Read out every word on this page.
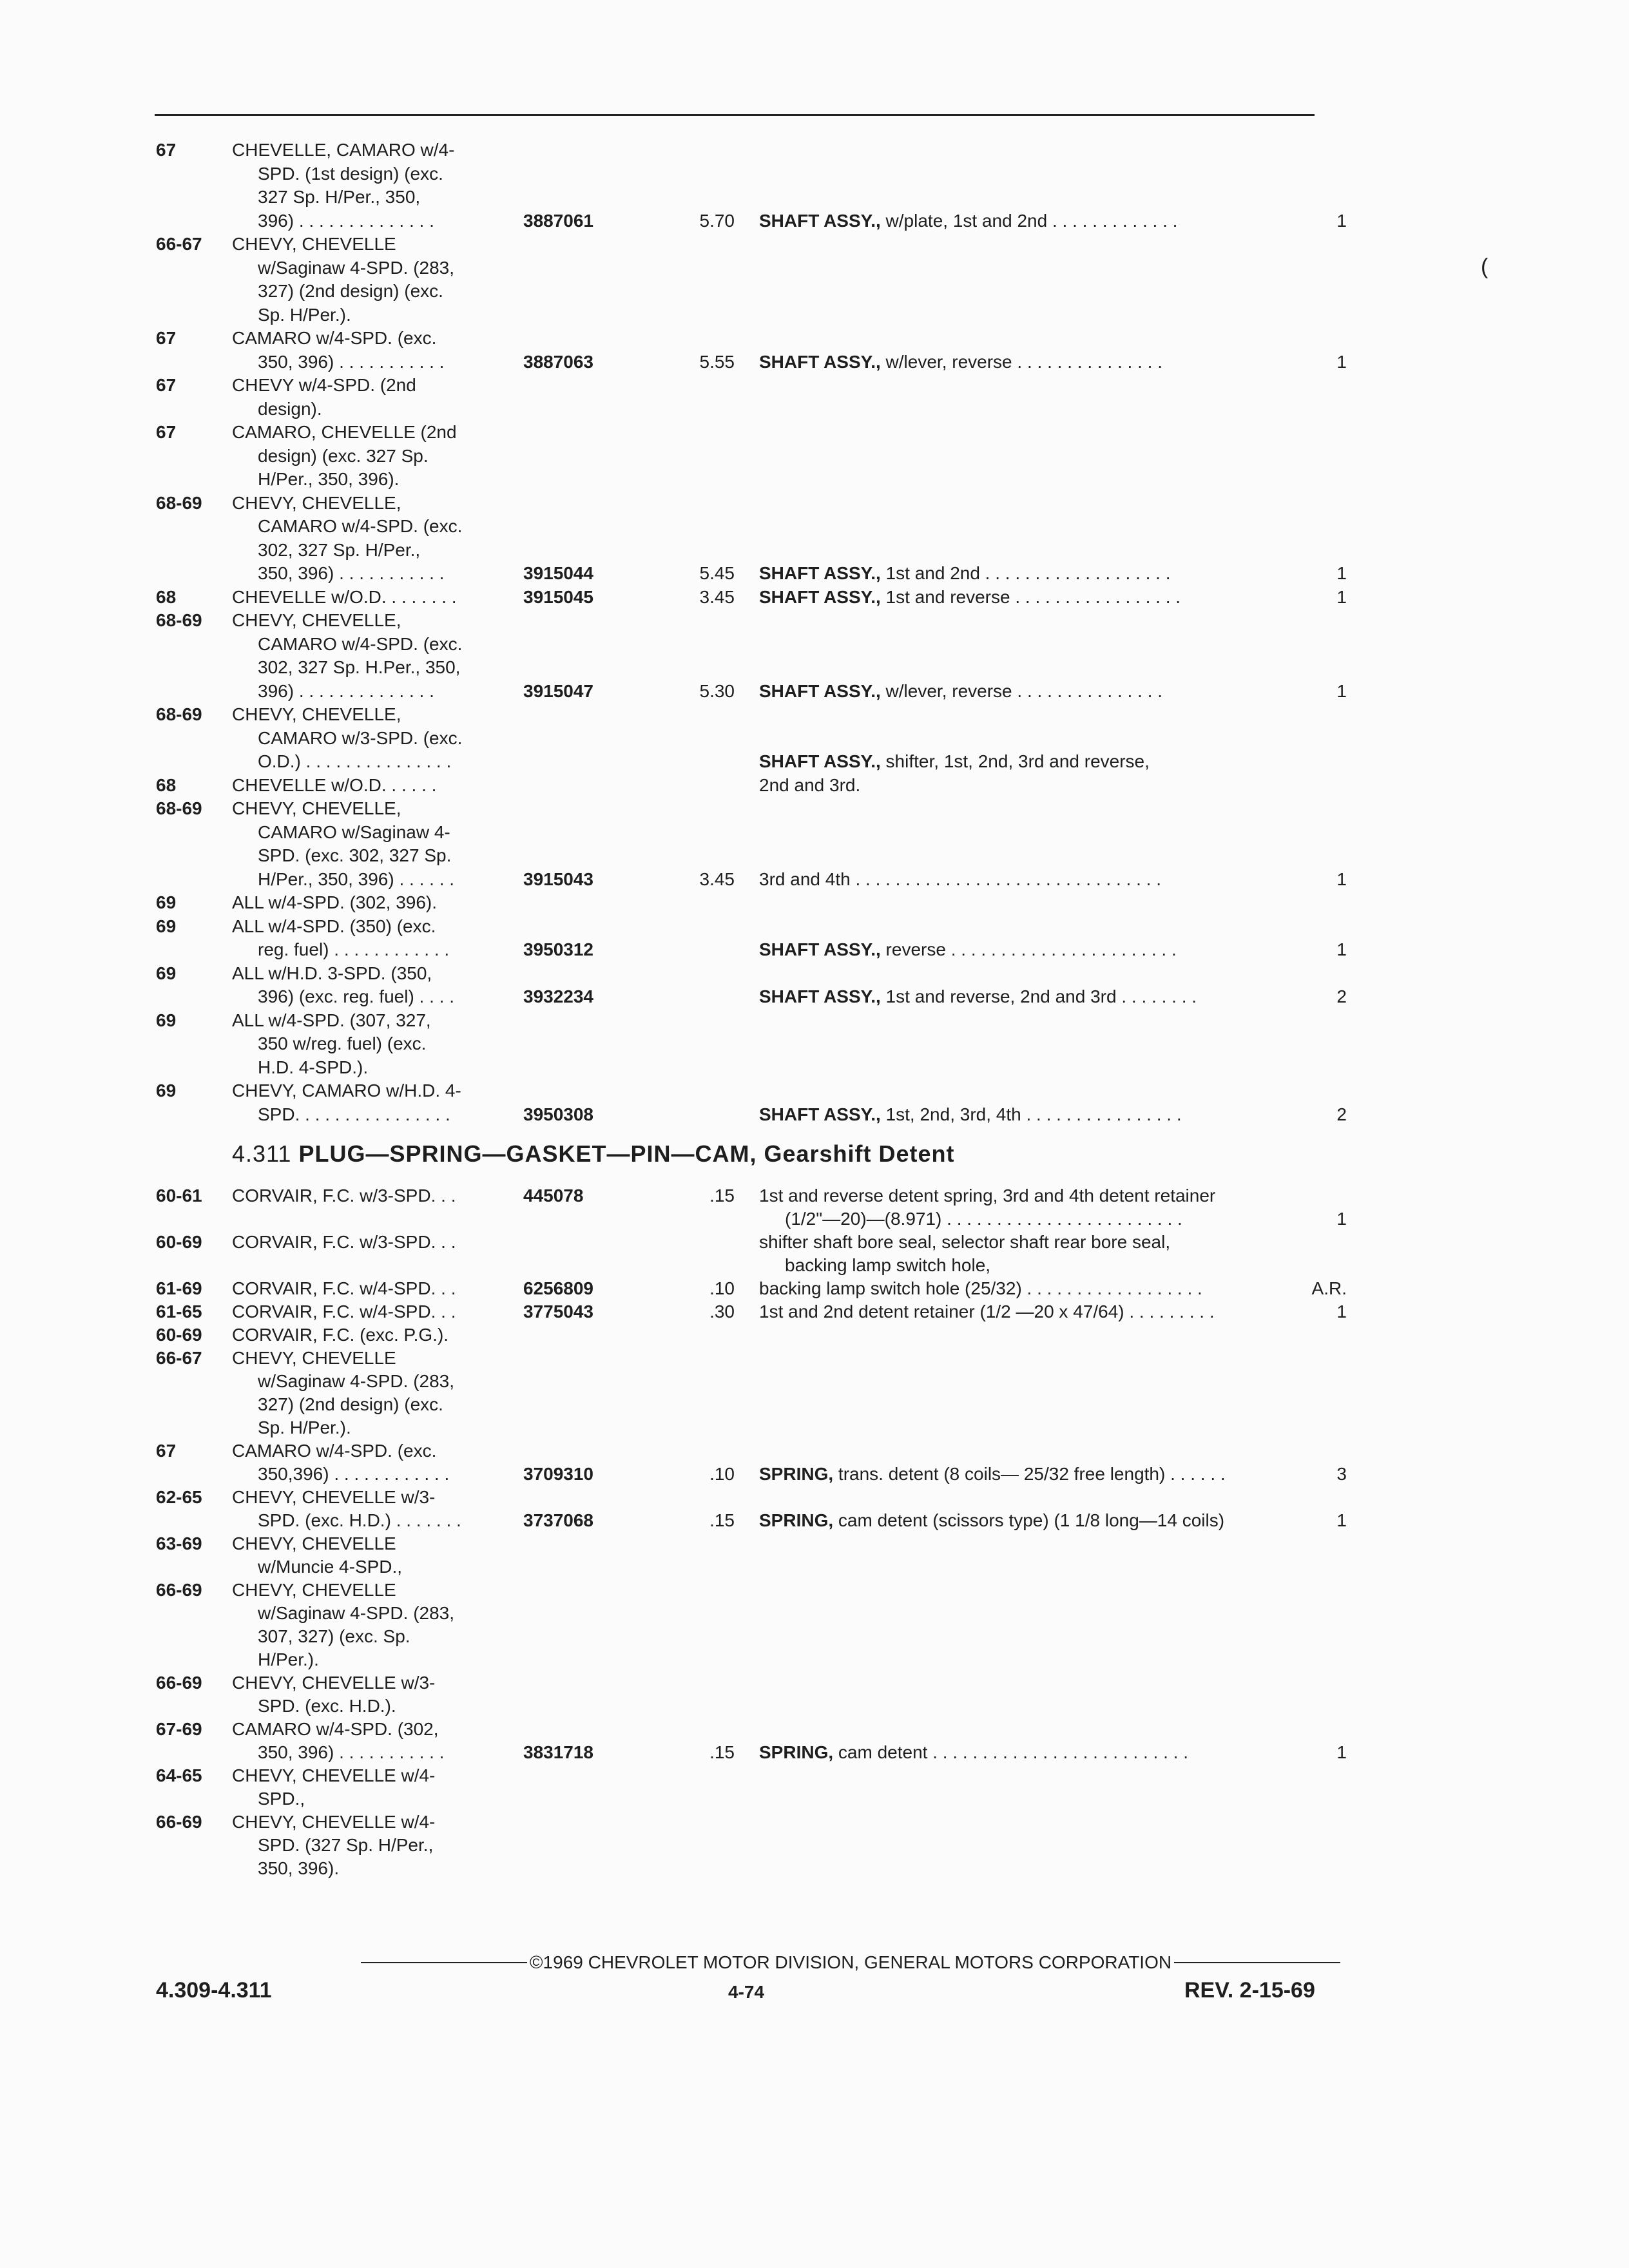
(
67	CHEVELLE, CAMARO w/4-
SPD. (1st design) (exc.
327 Sp. H/Per., 350,
396) . . . . . . . . . . . . . .	3887061	5.70 SHAFT ASSY., w/plate, 1st and 2nd . . . . . . . . . . . . .	1
66-67 CHEVY, CHEVELLE
w/Saginaw 4-SPD. (283,
327) (2nd design) (exc.
Sp. H/Per.).
67	CAMARO w/4-SPD. (exc.
350, 396) . . . . . . . . . . .	3887063	5.55 SHAFT ASSY., w/lever, reverse . . . . . . . . . . . . . . .	1
67	CHEVY w/4-SPD. (2nd
design).
67	CAMARO, CHEVELLE (2nd
design) (exc. 327 Sp.
H/Per., 350, 396).
68-69 CHEVY, CHEVELLE,
CAMARO w/4-SPD. (exc.
302, 327 Sp. H/Per.,
350, 396) . . . . . . . . . . .	3915044	5.45 SHAFT ASSY., 1st and 2nd . . . . . . . . . . . . . . . . . . .	1
68	CHEVELLE w/O.D. . . . . . . .	3915045	3.45 SHAFT ASSY., 1st and reverse . . . . . . . . . . . . . . . . .	1
68-69 CHEVY, CHEVELLE,
CAMARO w/4-SPD. (exc.
302, 327 Sp. H.Per., 350,
396) . . . . . . . . . . . . . .	3915047	5.30 SHAFT ASSY., w/lever, reverse . . . . . . . . . . . . . . .	1
68-69 CHEVY, CHEVELLE,
CAMARO w/3-SPD. (exc.
O.D.) . . . . . . . . . . . . . . .	SHAFT ASSY., shifter, 1st, 2nd, 3rd and reverse,
68	CHEVELLE w/O.D. . . . . .	2nd and 3rd.
68-69 CHEVY, CHEVELLE,
CAMARO w/Saginaw 4-
SPD. (exc. 302, 327 Sp.
H/Per., 350, 396) . . . . . .	3915043	3.45 3rd and 4th . . . . . . . . . . . . . . . . . . . . . . . . . . . . . . .	1
69	ALL w/4-SPD. (302, 396).
69	ALL w/4-SPD. (350) (exc.
reg. fuel) . . . . . . . . . . . .	3950312	SHAFT ASSY., reverse . . . . . . . . . . . . . . . . . . . . . . .	1
69	ALL w/H.D. 3-SPD. (350,
396) (exc. reg. fuel) . . . .	3932234	SHAFT ASSY., 1st and reverse, 2nd and 3rd . . . . . . . .	2
69	ALL w/4-SPD. (307, 327,
350 w/reg. fuel) (exc.
H.D. 4-SPD.).
69	CHEVY, CAMARO w/H.D. 4-
SPD. . . . . . . . . . . . . . . .	3950308	SHAFT ASSY., 1st, 2nd, 3rd, 4th . . . . . . . . . . . . . . . .	2
4.311 PLUG—SPRING—GASKET—PIN—CAM, Gearshift Detent
60-61 CORVAIR, F.C. w/3-SPD. . .	445078	.15 1st and reverse detent spring, 3rd and 4th detent retainer
(1/2"—20)—(8.971) . . . . . . . . . . . . . . . . . . . . . . . .	1
60-69 CORVAIR, F.C. w/3-SPD. . .	shifter shaft bore seal, selector shaft rear bore seal,
backing lamp switch hole,
61-69 CORVAIR, F.C. w/4-SPD. . .	6256809	.10 backing lamp switch hole (25/32) . . . . . . . . . . . . . . . . . .	A.R.
61-65 CORVAIR, F.C. w/4-SPD. . .	3775043	.30 1st and 2nd detent retainer (1/2 —20 x 47/64) . . . . . . . . .	1
60-69 CORVAIR, F.C. (exc. P.G.).
66-67 CHEVY, CHEVELLE
w/Saginaw 4-SPD. (283,
327) (2nd design) (exc.
Sp. H/Per.).
67	CAMARO w/4-SPD. (exc.
350,396) . . . . . . . . . . . .	3709310	.10 SPRING, trans. detent (8 coils— 25/32 free length) . . . . . .	3
62-65 CHEVY, CHEVELLE w/3-
SPD. (exc. H.D.) . . . . . . .	3737068	.15 SPRING, cam detent (scissors type) (1 1/8 long—14 coils)	1
63-69 CHEVY, CHEVELLE
w/Muncie 4-SPD.,
66-69 CHEVY, CHEVELLE
w/Saginaw 4-SPD. (283,
307, 327) (exc. Sp.
H/Per.).
66-69 CHEVY, CHEVELLE w/3-
SPD. (exc. H.D.).
67-69 CAMARO w/4-SPD. (302,
350, 396) . . . . . . . . . . .	3831718	.15 SPRING, cam detent . . . . . . . . . . . . . . . . . . . . . . . . . .	1
64-65 CHEVY, CHEVELLE w/4-
SPD.,
66-69 CHEVY, CHEVELLE w/4-
SPD. (327 Sp. H/Per.,
350, 396).
©1969 CHEVROLET MOTOR DIVISION, GENERAL MOTORS CORPORATION
4.309-4.311	4-74	REV. 2-15-69
